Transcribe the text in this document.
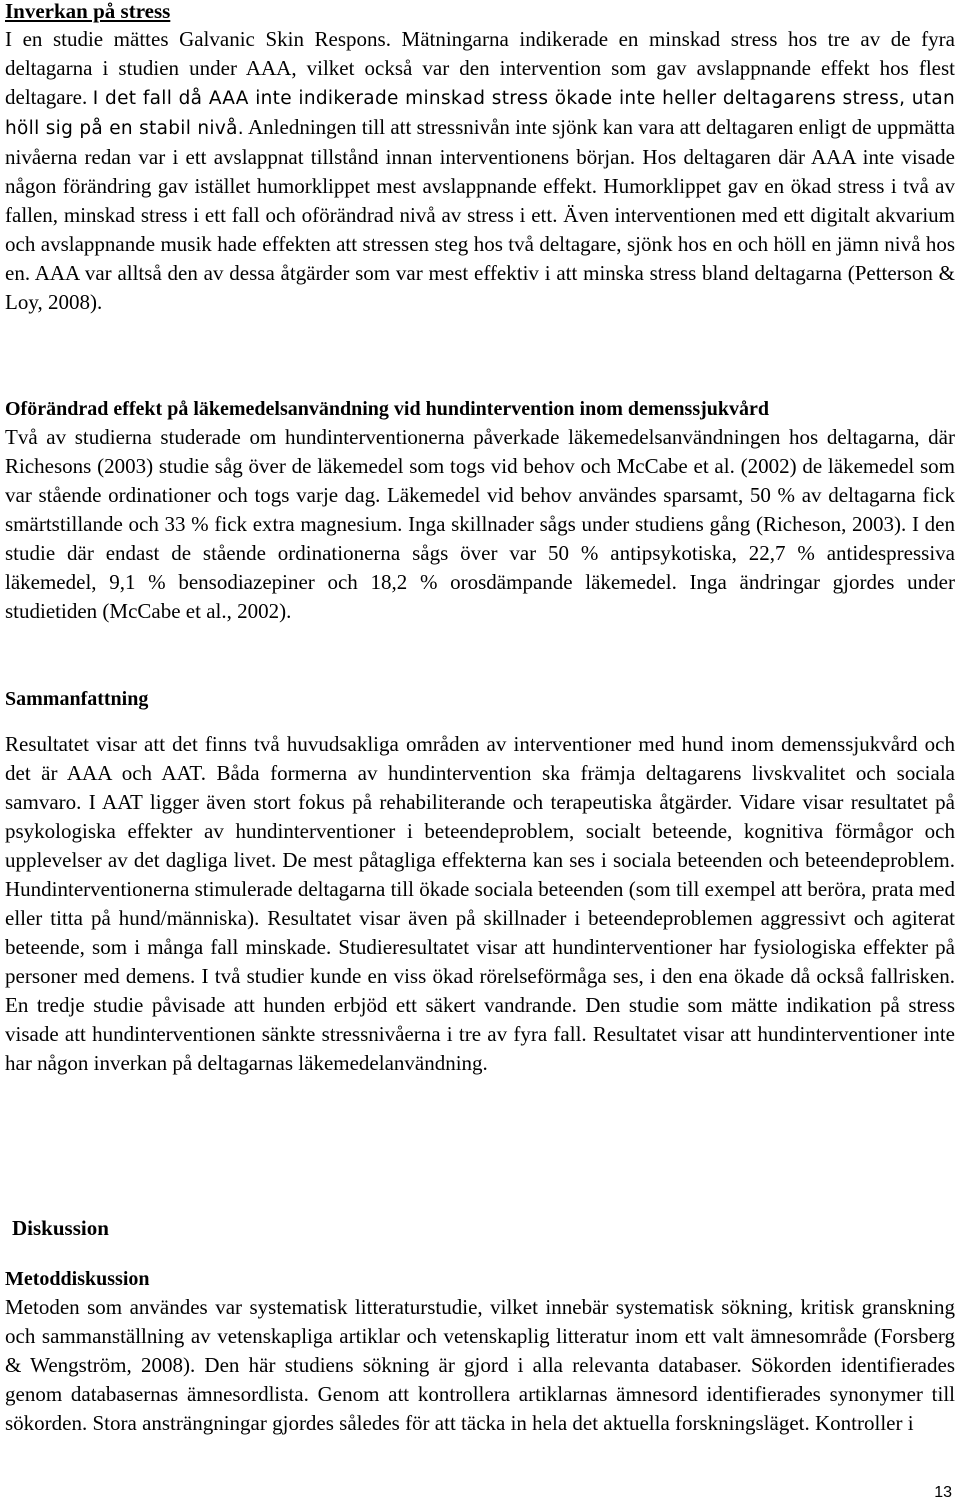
Inverkan på stress

I en studie mättes Galvanic Skin Respons. Mätningarna indikerade en minskad stress hos tre av de fyra deltagarna i studien under AAA, vilket också var den intervention som gav avslappnande effekt hos flest deltagare. I det fall då AAA inte indikerade minskad stress ökade inte heller deltagarens stress, utan höll sig på en stabil nivå. Anledningen till att stressnivån inte sjönk kan vara att deltagaren enligt de uppmätta nivåerna redan var i ett avslappnat tillstånd innan interventionens början. Hos deltagaren där AAA inte visade någon förändring gav istället humorklippet mest avslappnande effekt. Humorklippet gav en ökad stress i två av fallen, minskad stress i ett fall och oförändrad nivå av stress i ett. Även interventionen med ett digitalt akvarium och avslappnande musik hade effekten att stressen steg hos två deltagare, sjönk hos en och höll en jämn nivå hos en. AAA var alltså den av dessa åtgärder som var mest effektiv i att minska stress bland deltagarna (Petterson & Loy, 2008).

Oförändrad effekt på läkemedelsanvändning vid hundintervention inom demenssjukvård

Två av studierna studerade om hundinterventionerna påverkade läkemedelsanvändningen hos deltagarna, där Richesons (2003) studie såg över de läkemedel som togs vid behov och McCabe et al. (2002) de läkemedel som var stående ordinationer och togs varje dag. Läkemedel vid behov användes sparsamt, 50 % av deltagarna fick smärtstillande och 33 % fick extra magnesium. Inga skillnader sågs under studiens gång (Richeson, 2003). I den studie där endast de stående ordinationerna sågs över var 50 % antipsykotiska, 22,7 % antidespressiva läkemedel, 9,1 % bensodiazepiner och 18,2 % orosdämpande läkemedel. Inga ändringar gjordes under studietiden (McCabe et al., 2002).

Sammanfattning

Resultatet visar att det finns två huvudsakliga områden av interventioner med hund inom demenssjukvård och det är AAA och AAT. Båda formerna av hundintervention ska främja deltagarens livskvalitet och sociala samvaro. I AAT ligger även stort fokus på rehabiliterande och terapeutiska åtgärder. Vidare visar resultatet på psykologiska effekter av hundinterventioner i beteendeproblem, socialt beteende, kognitiva förmågor och upplevelser av det dagliga livet. De mest påtagliga effekterna kan ses i sociala beteenden och beteendeproblem. Hundinterventionerna stimulerade deltagarna till ökade sociala beteenden (som till exempel att beröra, prata med eller titta på hund/människa). Resultatet visar även på skillnader i beteendeproblemen aggressivt och agiterat beteende, som i många fall minskade. Studieresultatet visar att hundinterventioner har fysiologiska effekter på personer med demens. I två studier kunde en viss ökad rörelseförmåga ses, i den ena ökade då också fallrisken. En tredje studie påvisade att hunden erbjöd ett säkert vandrande. Den studie som mätte indikation på stress visade att hundinterventionen sänkte stressnivåerna i tre av fyra fall. Resultatet visar att hundinterventioner inte har någon inverkan på deltagarnas läkemedelanvändning.

Diskussion
Metoddiskussion

Metoden som användes var systematisk litteraturstudie, vilket innebär systematisk sökning, kritisk granskning och sammanställning av vetenskapliga artiklar och vetenskaplig litteratur inom ett valt ämnesområde (Forsberg & Wengström, 2008). Den här studiens sökning är gjord i alla relevanta databaser. Sökorden identifierades genom databasernas ämnesordlista. Genom att kontrollera artiklarnas ämnesord identifierades synonymer till sökorden. Stora ansträngningar gjordes således för att täcka in hela det aktuella forskningsläget. Kontroller i

13
